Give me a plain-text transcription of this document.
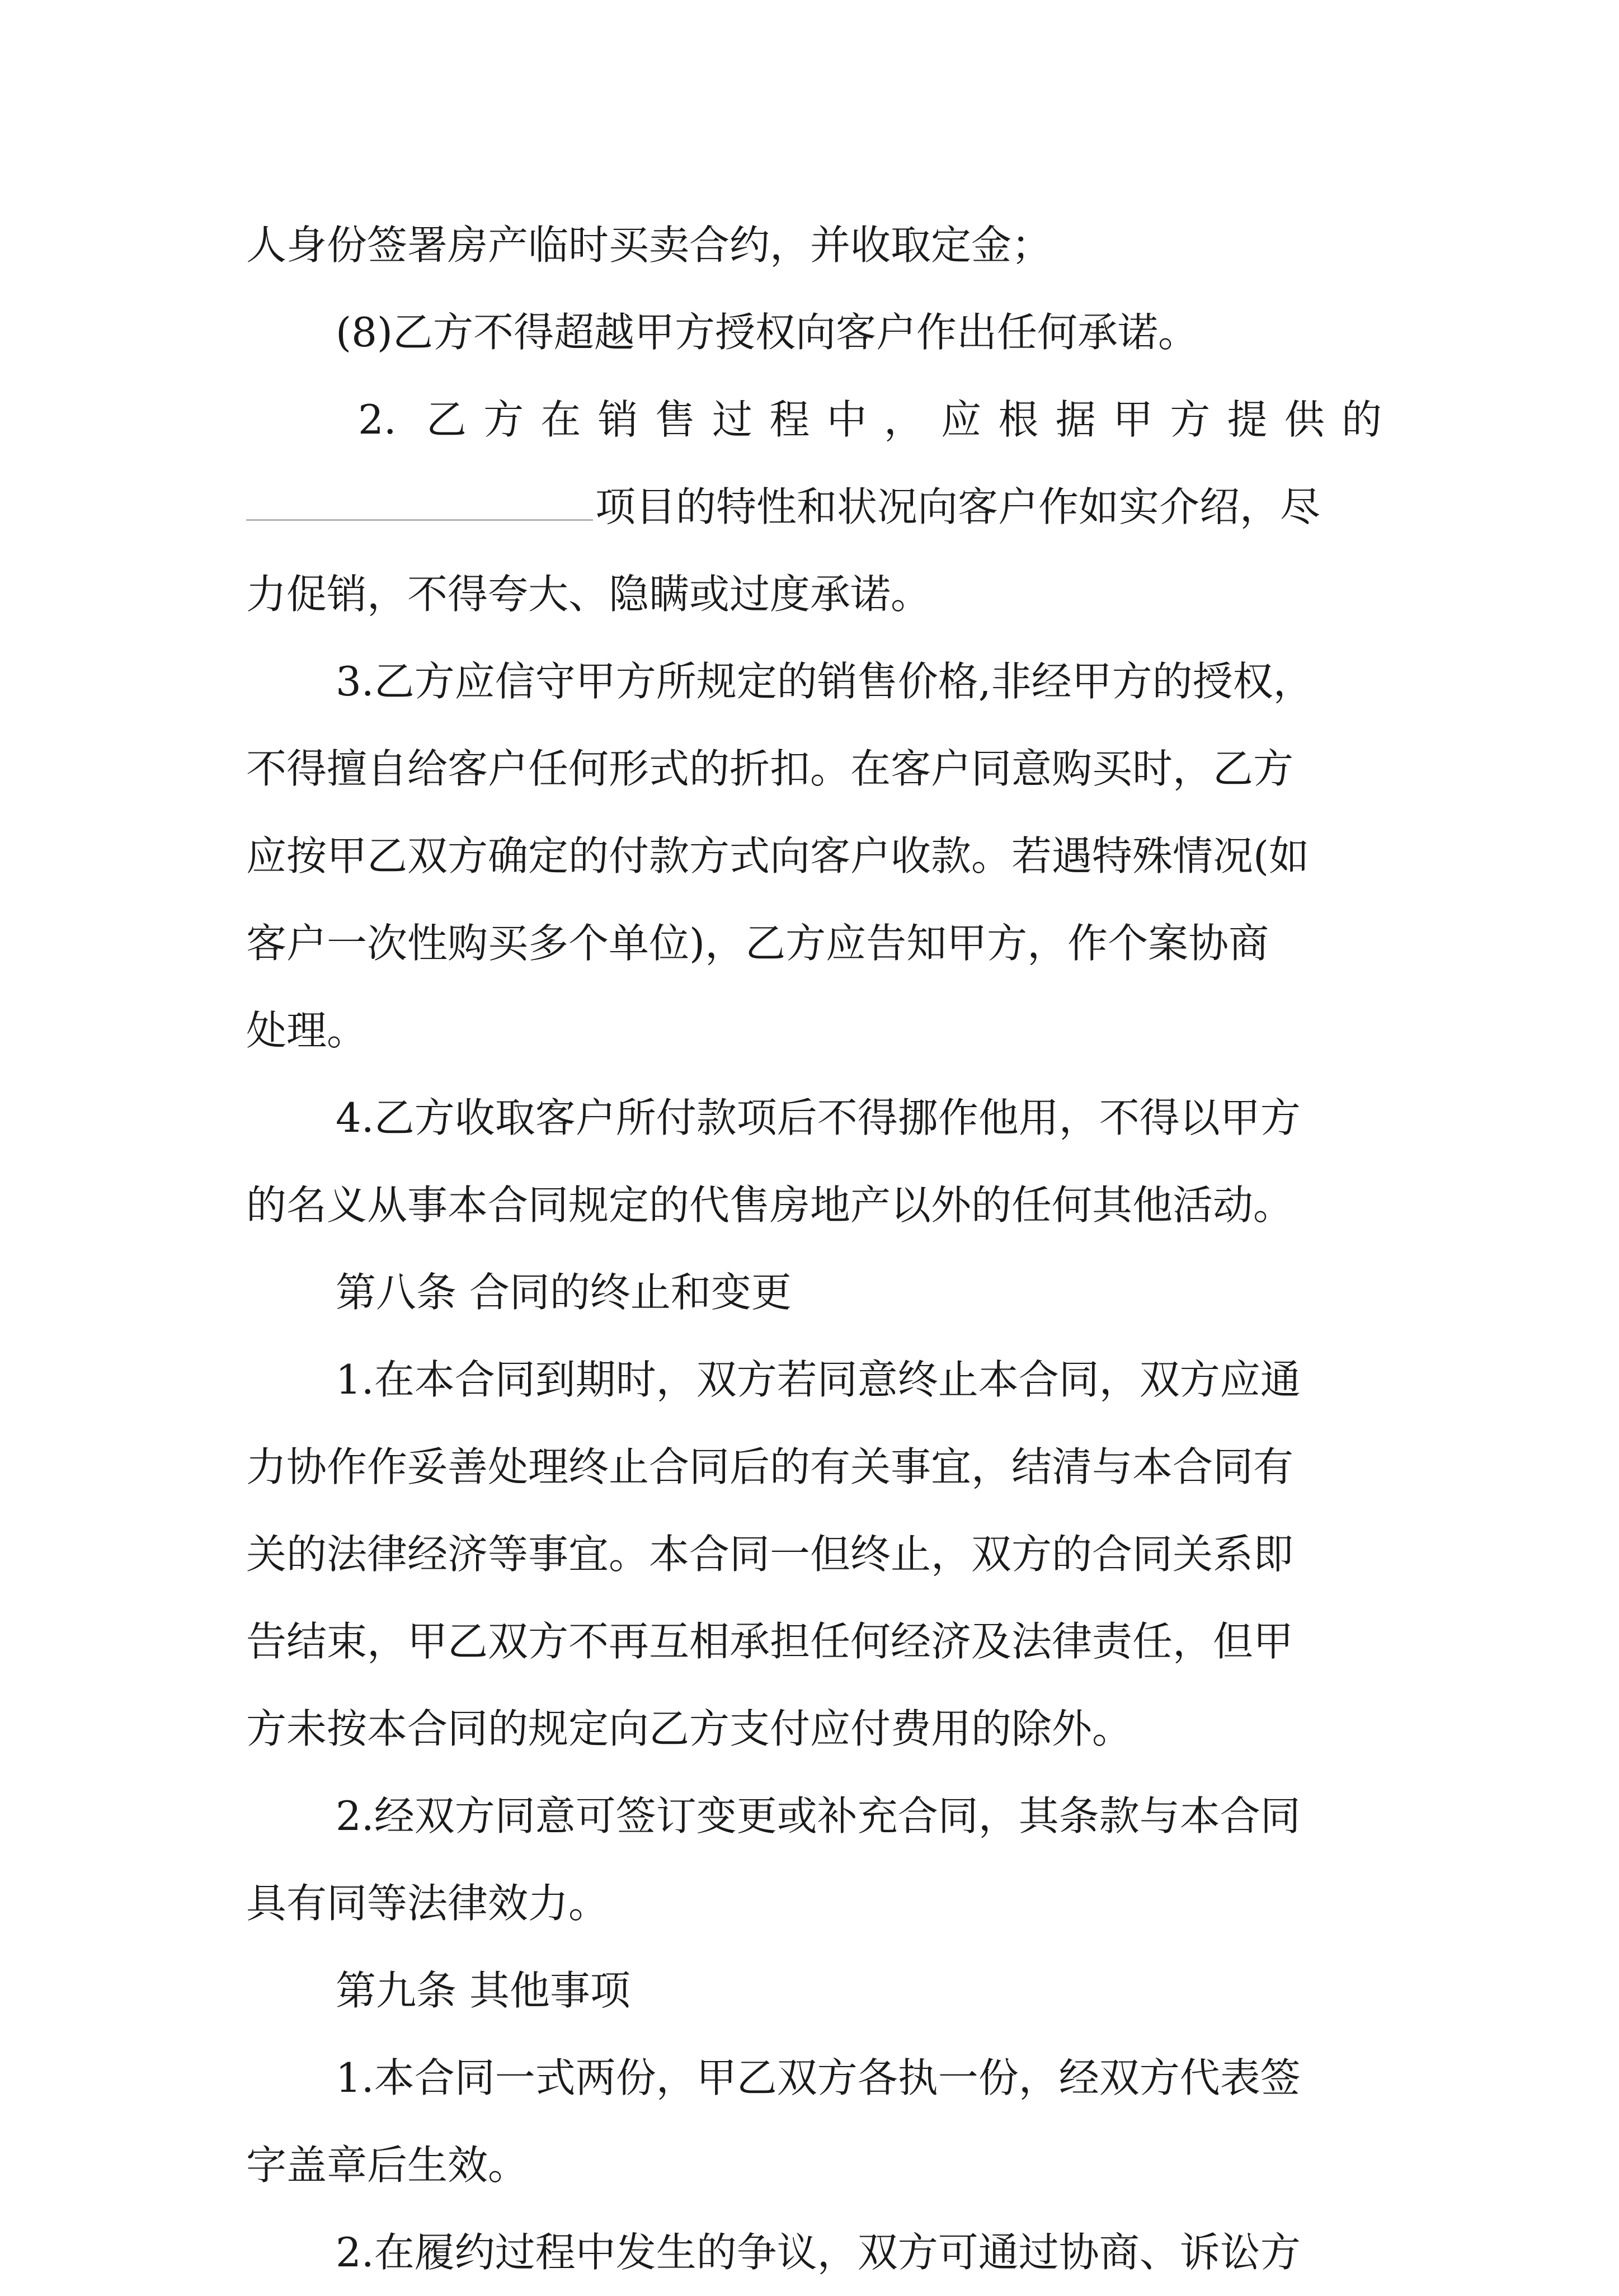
人身份签署房产临时买卖合约，并收取定金；
(8)乙方不得超越甲方授权向客户作出任何承诺。
2. 乙方在销售过程中，应根据甲方提供的
项目的特性和状况向客户作如实介绍，尽
力促销，不得夸大、隐瞒或过度承诺。
3.乙方应信守甲方所规定的销售价格,非经甲方的授权，
不得擅自给客户任何形式的折扣。在客户同意购买时，乙方
应按甲乙双方确定的付款方式向客户收款。若遇特殊情况(如
客户一次性购买多个单位)，乙方应告知甲方，作个案协商
处理。
4.乙方收取客户所付款项后不得挪作他用，不得以甲方
的名义从事本合同规定的代售房地产以外的任何其他活动。
第八条 合同的终止和变更
1.在本合同到期时，双方若同意终止本合同，双方应通
力协作作妥善处理终止合同后的有关事宜，结清与本合同有
关的法律经济等事宜。本合同一但终止，双方的合同关系即
告结束，甲乙双方不再互相承担任何经济及法律责任，但甲
方未按本合同的规定向乙方支付应付费用的除外。
2.经双方同意可签订变更或补充合同，其条款与本合同
具有同等法律效力。
第九条 其他事项
1.本合同一式两份，甲乙双方各执一份，经双方代表签
字盖章后生效。
2.在履约过程中发生的争议，双方可通过协商、诉讼方
